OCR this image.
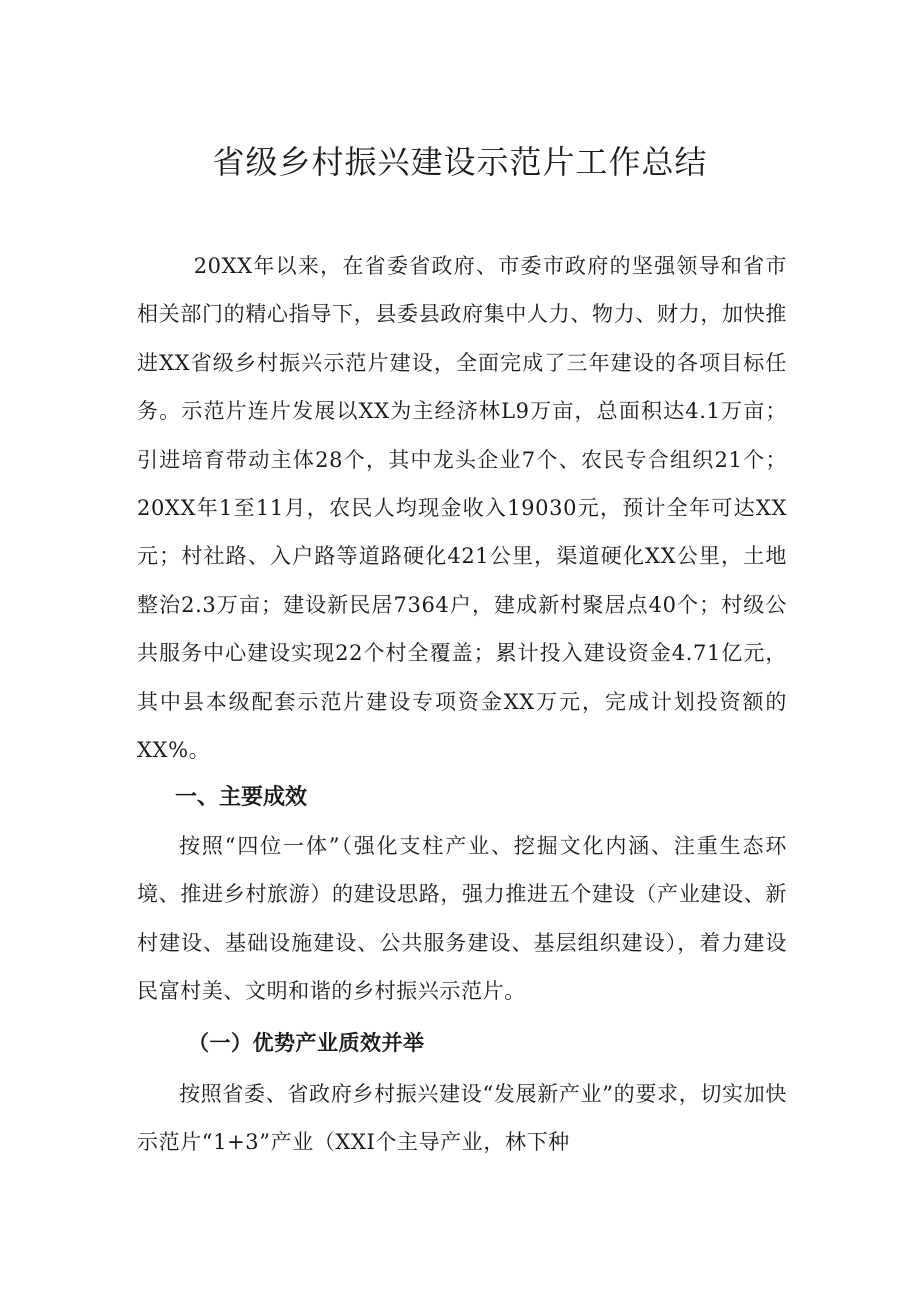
省级乡村振兴建设示范片工作总结

20XX年以来，在省委省政府、市委市政府的坚强领导和省市相关部门的精心指导下，县委县政府集中人力、物力、财力，加快推进XX省级乡村振兴示范片建设，全面完成了三年建设的各项目标任务。示范片连片发展以XX为主经济林L9万亩，总面积达4.1万亩；引进培育带动主体28个，其中龙头企业7个、农民专合组织21个；20XX年1至11月，农民人均现金收入19030元，预计全年可达XX元；村社路、入户路等道路硬化421公里，渠道硬化XX公里，土地整治2.3万亩；建设新民居7364户，建成新村聚居点40个；村级公共服务中心建设实现22个村全覆盖；累计投入建设资金4.71亿元，其中县本级配套示范片建设专项资金XX万元，完成计划投资额的XX%。

一、主要成效

按照“四位一体”（强化支柱产业、挖掘文化内涵、注重生态环境、推进乡村旅游）的建设思路，强力推进五个建设（产业建设、新村建设、基础设施建设、公共服务建设、基层组织建设），着力建设民富村美、文明和谐的乡村振兴示范片。

（一）优势产业质效并举

按照省委、省政府乡村振兴建设“发展新产业”的要求，切实加快示范片“1+3”产业（XXI个主导产业，林下种
